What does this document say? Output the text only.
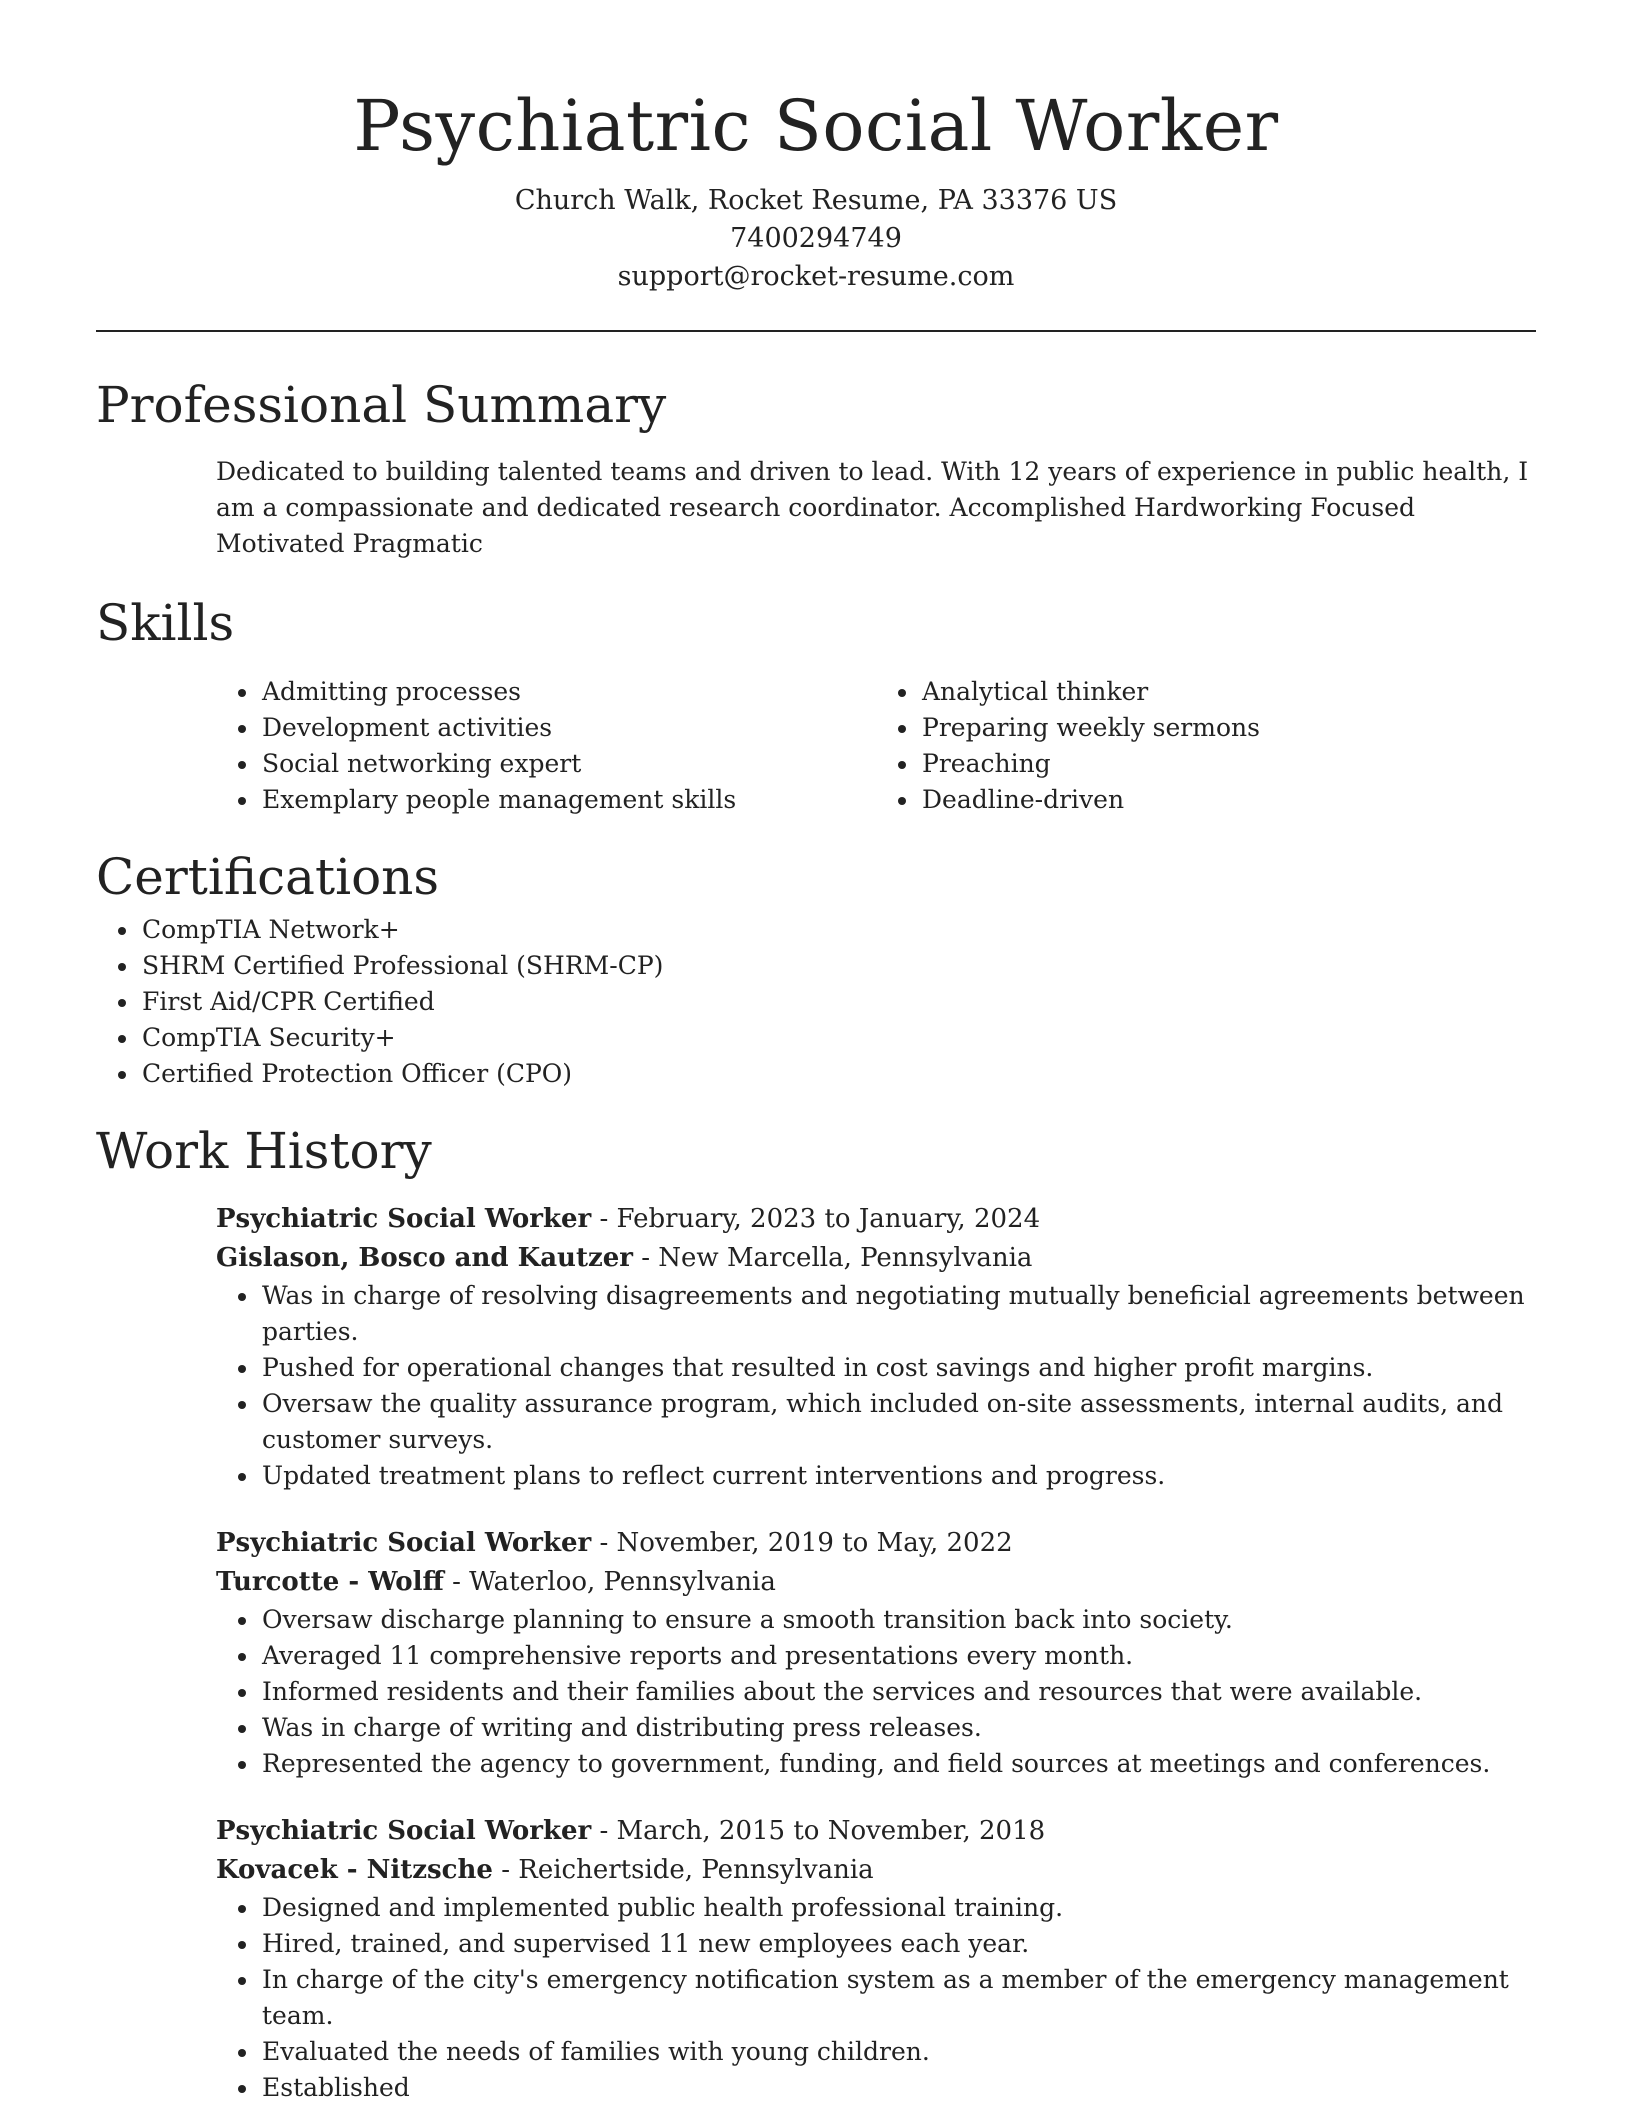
Psychiatric Social Worker
Church Walk, Rocket Resume, PA 33376 US
7400294749
support@rocket-resume.com
Professional Summary

Dedicated to building talented teams and driven to lead. With 12 years of experience in public health, I am a compassionate and dedicated research coordinator. Accomplished Hardworking Focused Motivated Pragmatic

Skills
• Admitting processes
• Development activities
• Social networking expert
• Exemplary people management skills
• Analytical thinker
• Preparing weekly sermons
• Preaching
• Deadline-driven
Certifications
• CompTIA Network+
• SHRM Certified Professional (SHRM-CP)
• First Aid/CPR Certified
• CompTIA Security+
• Certified Protection Officer (CPO)
Work History
Psychiatric Social Worker - February, 2023 to January, 2024
Gislason, Bosco and Kautzer - New Marcella, Pennsylvania
• Was in charge of resolving disagreements and negotiating mutually beneficial agreements between parties.
• Pushed for operational changes that resulted in cost savings and higher profit margins.
• Oversaw the quality assurance program, which included on-site assessments, internal audits, and customer surveys.
• Updated treatment plans to reflect current interventions and progress.
Psychiatric Social Worker - November, 2019 to May, 2022
Turcotte - Wolff - Waterloo, Pennsylvania
• Oversaw discharge planning to ensure a smooth transition back into society.
• Averaged 11 comprehensive reports and presentations every month.
• Informed residents and their families about the services and resources that were available.
• Was in charge of writing and distributing press releases.
• Represented the agency to government, funding, and field sources at meetings and conferences.
Psychiatric Social Worker - March, 2015 to November, 2018
Kovacek - Nitzsche - Reichertside, Pennsylvania
• Designed and implemented public health professional training.
• Hired, trained, and supervised 11 new employees each year.
• In charge of the city's emergency notification system as a member of the emergency management team.
• Evaluated the needs of families with young children.
• Established
